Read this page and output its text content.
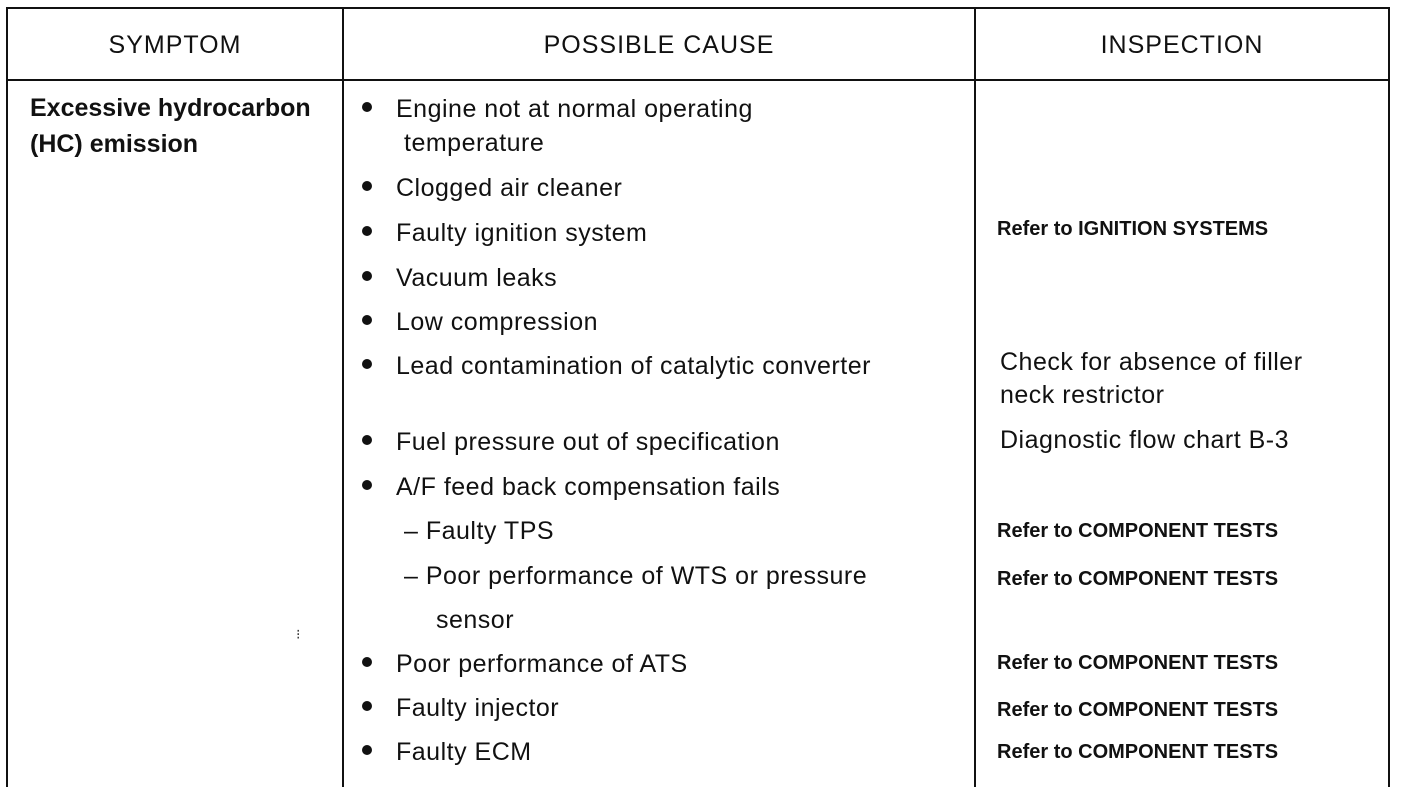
SYMPTOM	POSSIBLE CAUSE	INSPECTION
Excessive hydrocarbon
(HC) emission
Engine not at normal operating
temperature
Clogged air cleaner
Faulty ignition system
Vacuum leaks
Low compression
Lead contamination of catalytic converter
Fuel pressure out of specification
A/F feed back compensation fails
– Faulty TPS
– Poor performance of WTS or pressure
sensor
Poor performance of ATS
Faulty injector
Faulty ECM
Refer to IGNITION SYSTEMS
Check for absence of filler
neck restrictor
Diagnostic flow chart B-3
Refer to COMPONENT TESTS
Refer to COMPONENT TESTS
Refer to COMPONENT TESTS
Refer to COMPONENT TESTS
Refer to COMPONENT TESTS
⁝
